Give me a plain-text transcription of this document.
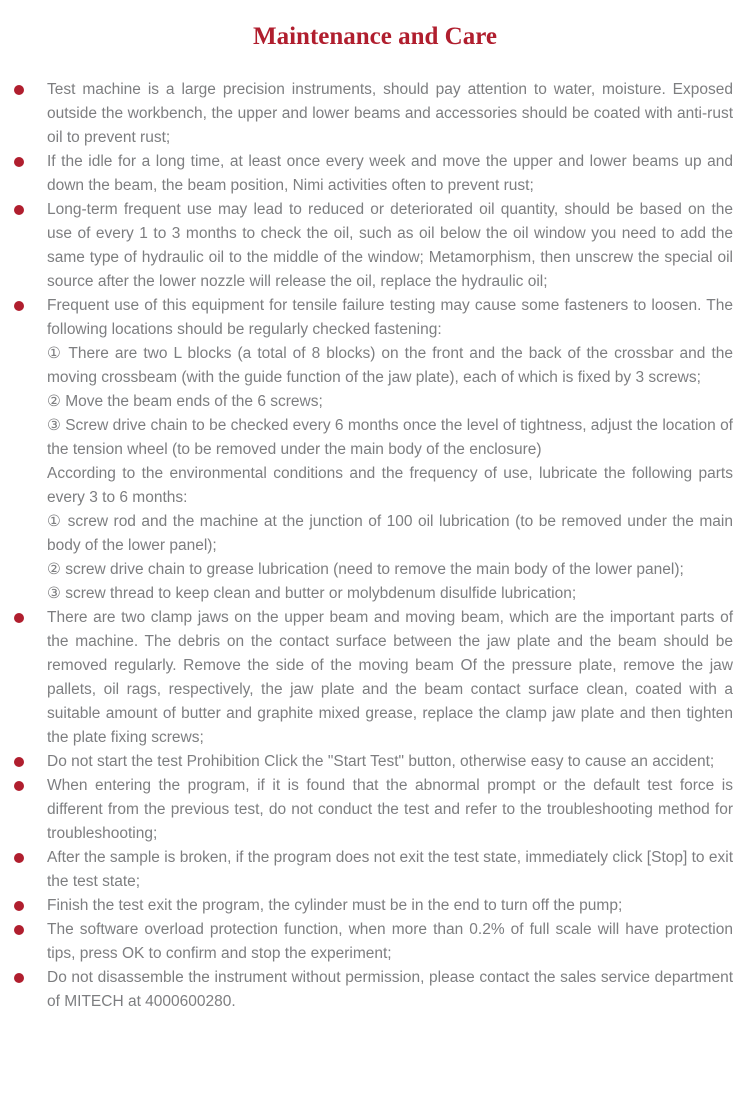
Maintenance and Care

Test machine is a large precision instruments, should pay attention to water, moisture. Exposed outside the workbench, the upper and lower beams and accessories should be coated with anti-rust oil to prevent rust;

If the idle for a long time, at least once every week and move the upper and lower beams up and down the beam, the beam position, Nimi activities often to prevent rust;

Long-term frequent use may lead to reduced or deteriorated oil quantity, should be based on the use of every 1 to 3 months to check the oil, such as oil below the oil window you need to add the same type of hydraulic oil to the middle of the window; Metamorphism, then unscrew the special oil source after the lower nozzle will release the oil, replace the hydraulic oil;

Frequent use of this equipment for tensile failure testing may cause some fasteners to loosen. The following locations should be regularly checked fastening:

① There are two L blocks (a total of 8 blocks) on the front and the back of the crossbar and the moving crossbeam (with the guide function of the jaw plate), each of which is fixed by 3 screws;

② Move the beam ends of the 6 screws;

③ Screw drive chain to be checked every 6 months once the level of tightness, adjust the location of the tension wheel (to be removed under the main body of the enclosure)

According to the environmental conditions and the frequency of use, lubricate the following parts every 3 to 6 months:

① screw rod and the machine at the junction of 100 oil lubrication (to be removed under the main body of the lower panel);

② screw drive chain to grease lubrication (need to remove the main body of the lower panel);

③ screw thread to keep clean and butter or molybdenum disulfide lubrication;

There are two clamp jaws on the upper beam and moving beam, which are the important parts of the machine. The debris on the contact surface between the jaw plate and the beam should be removed regularly. Remove the side of the moving beam Of the pressure plate, remove the jaw pallets, oil rags, respectively, the jaw plate and the beam contact surface clean, coated with a suitable amount of butter and graphite mixed grease, replace the clamp jaw plate and then tighten the plate fixing screws;

Do not start the test Prohibition Click the "Start Test" button, otherwise easy to cause an accident;

When entering the program, if it is found that the abnormal prompt or the default test force is different from the previous test, do not conduct the test and refer to the troubleshooting method for troubleshooting;

After the sample is broken, if the program does not exit the test state, immediately click [Stop] to exit the test state;

Finish the test exit the program, the cylinder must be in the end to turn off the pump;

The software overload protection function, when more than 0.2% of full scale will have protection tips, press OK to confirm and stop the experiment;

Do not disassemble the instrument without permission, please contact the sales service department of MITECH at 4000600280.
